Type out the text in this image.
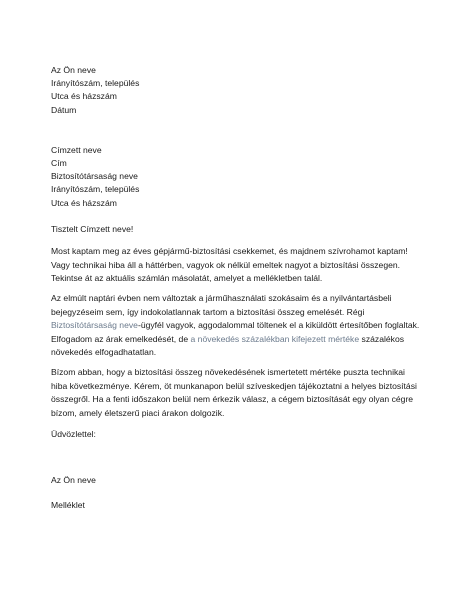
Az Ön neve
Irányítószám, település
Utca és házszám
Dátum
Címzett neve
Cím
Biztosítótársaság neve
Irányítószám, település
Utca és házszám

Tisztelt Címzett neve!

Most kaptam meg az éves gépjármű-biztosítási csekkemet, és majdnem szívrohamot kaptam! Vagy technikai hiba áll a háttérben, vagyok ok nélkül emeltek nagyot a biztosítási összegen. Tekintse át az aktuális számlán másolatát, amelyet a mellékletben talál.

Az elmúlt naptári évben nem változtak a járműhasználati szokásaim és a nyilvántartásbeli bejegyzéseim sem, így indokolatlannak tartom a biztosítási összeg emelését. Régi Biztosítótársaság neve-ügyfél vagyok, aggodalommal töltenek el a kiküldött értesítőben foglaltak. Elfogadom az árak emelkedését, de a növekedés százalékban kifejezett mértéke százalékos növekedés elfogadhatatlan.

Bízom abban, hogy a biztosítási összeg növekedésének ismertetett mértéke puszta technikai hiba következménye. Kérem, öt munkanapon belül szíveskedjen tájékoztatni a helyes biztosítási összegről. Ha a fenti időszakon belül nem érkezik válasz, a cégem biztosítását egy olyan cégre bízom, amely életszerű piaci árakon dolgozik.

Üdvözlettel:

Az Ön neve

Melléklet
